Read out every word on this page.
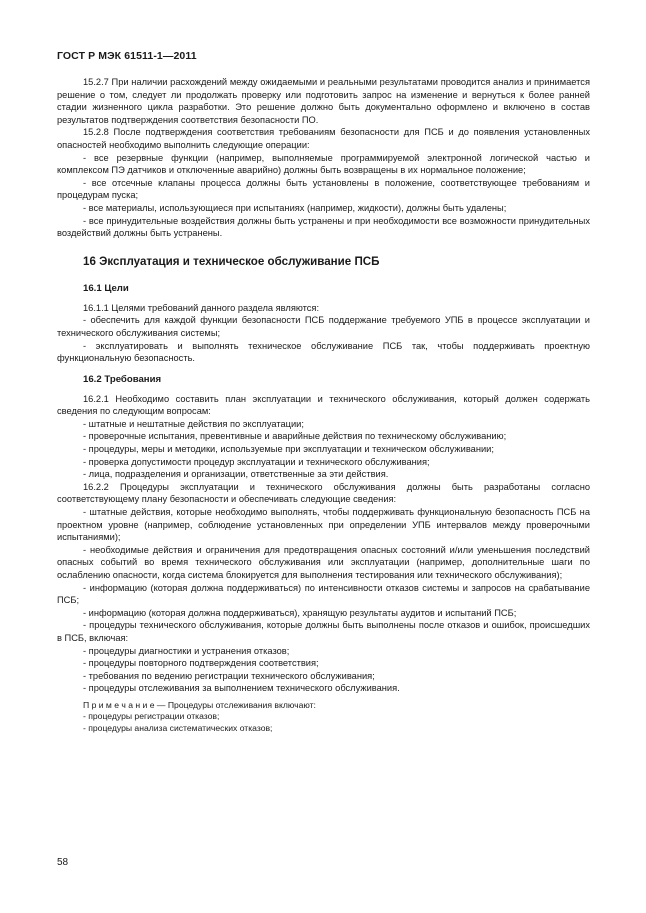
ГОСТ Р МЭК 61511-1—2011

15.2.7 При наличии расхождений между ожидаемыми и реальными результатами проводится анализ и принимается решение о том, следует ли продолжать проверку или подготовить запрос на изменение и вернуться к более ранней стадии жизненного цикла разработки. Это решение должно быть документально оформлено и включено в состав результатов подтверждения соответствия безопасности ПО.

15.2.8 После подтверждения соответствия требованиям безопасности для ПСБ и до появления установленных опасностей необходимо выполнить следующие операции:

- все резервные функции (например, выполняемые программируемой электронной логической частью и комплексом ПЭ датчиков и отключенные аварийно) должны быть возвращены в их нормальное положение;

- все отсечные клапаны процесса должны быть установлены в положение, соответствующее требованиям и процедурам пуска;

- все материалы, использующиеся при испытаниях (например, жидкости), должны быть удалены;

- все принудительные воздействия должны быть устранены и при необходимости все возможности принудительных воздействий должны быть устранены.

16 Эксплуатация и техническое обслуживание ПСБ
16.1 Цели

16.1.1 Целями требований данного раздела являются:

- обеспечить для каждой функции безопасности ПСБ поддержание требуемого УПБ в процессе эксплуатации и технического обслуживания системы;

- эксплуатировать и выполнять техническое обслуживание ПСБ так, чтобы поддерживать проектную функциональную безопасность.

16.2 Требования

16.2.1 Необходимо составить план эксплуатации и технического обслуживания, который должен содержать сведения по следующим вопросам:

- штатные и нештатные действия по эксплуатации;

- проверочные испытания, превентивные и аварийные действия по техническому обслуживанию;

- процедуры, меры и методики, используемые при эксплуатации и техническом обслуживании;

- проверка допустимости процедур эксплуатации и технического обслуживания;

- лица, подразделения и организации, ответственные за эти действия.

16.2.2 Процедуры эксплуатации и технического обслуживания должны быть разработаны согласно соответствующему плану безопасности и обеспечивать следующие сведения:

- штатные действия, которые необходимо выполнять, чтобы поддерживать функциональную безопасность ПСБ на проектном уровне (например, соблюдение установленных при определении УПБ интервалов между проверочными испытаниями);

- необходимые действия и ограничения для предотвращения опасных состояний и/или уменьшения последствий опасных событий во время технического обслуживания или эксплуатации (например, дополнительные шаги по ослаблению опасности, когда система блокируется для выполнения тестирования или технического обслуживания);

- информацию (которая должна поддерживаться) по интенсивности отказов системы и запросов на срабатывание ПСБ;

- информацию (которая должна поддерживаться), хранящую результаты аудитов и испытаний ПСБ;

- процедуры технического обслуживания, которые должны быть выполнены после отказов и ошибок, происшедших в ПСБ, включая:

- процедуры диагностики и устранения отказов;

- процедуры повторного подтверждения соответствия;

- требования по ведению регистрации технического обслуживания;

- процедуры отслеживания за выполнением технического обслуживания.

П р и м е ч а н и е — Процедуры отслеживания включают:

- процедуры регистрации отказов;

- процедуры анализа систематических отказов;

58
